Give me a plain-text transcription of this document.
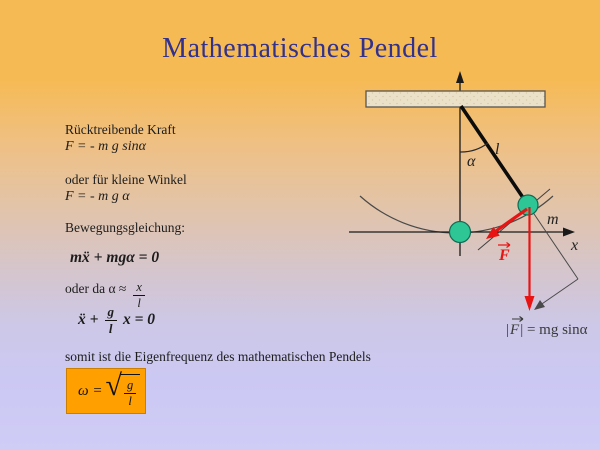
Mathematisches Pendel
Rücktreibende Kraft
F = - m g sinα
oder für kleine Winkel
F = - m g α
Bewegungsgleichung:
mẍ + mgα = 0
oder da $\alpha \approx \frac{x}{l}$
ẍ + $\frac{g}{l}$ x = 0
somit ist die Eigenfrequenz des mathematischen Pendels
ω = √ $\frac{g}{l}$
α
l
m
x
F
|F| = mg sinα
